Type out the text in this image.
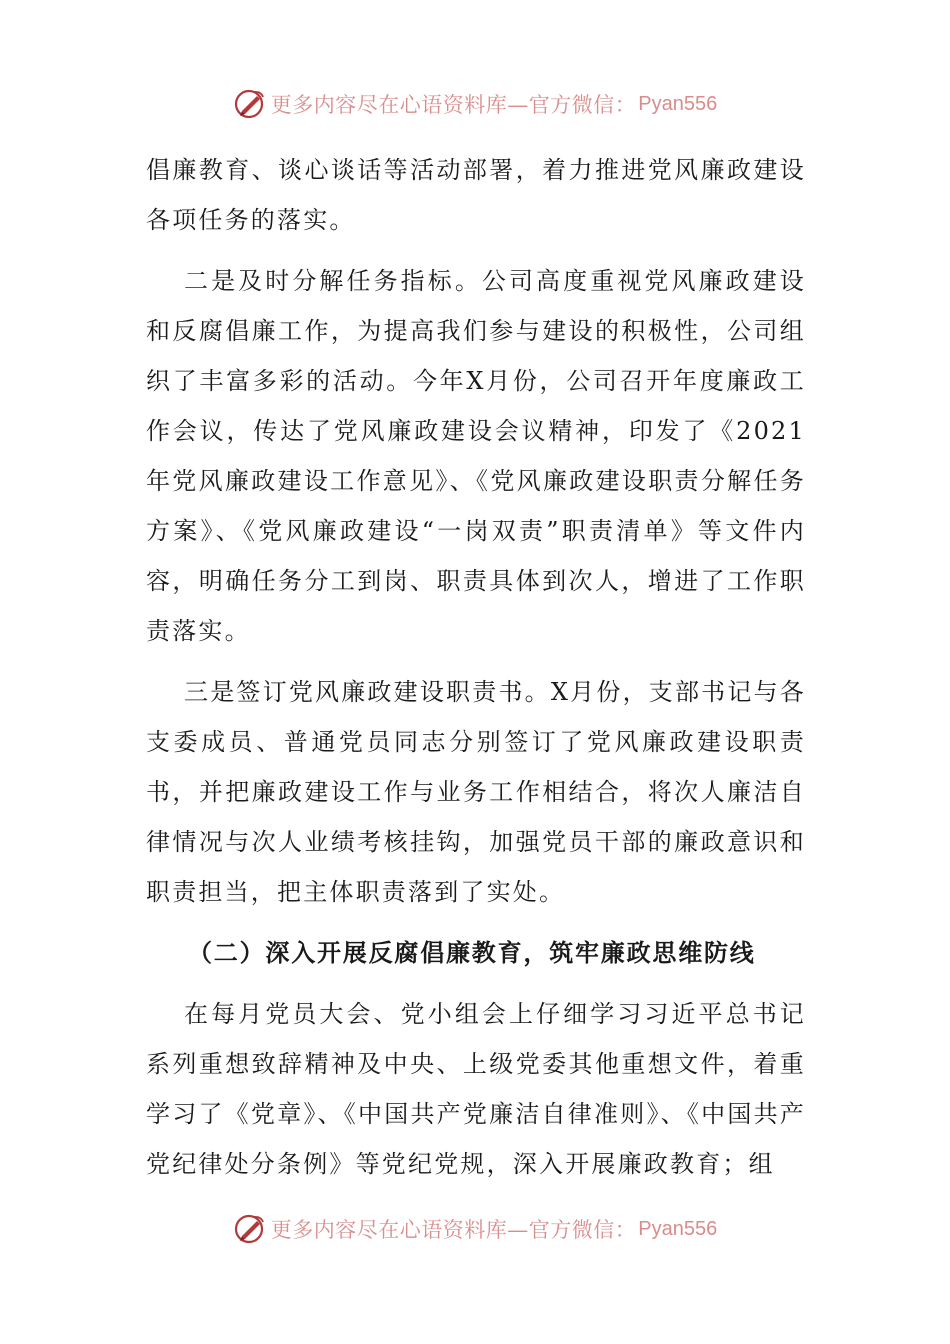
更多内容尽在心语资料库—官方微信： Pyan556

倡廉教育、谈心谈话等活动部署，着力推进党风廉政建设各项任务的落实。

二是及时分解任务指标。公司高度重视党风廉政建设和反腐倡廉工作，为提高我们参与建设的积极性，公司组织了丰富多彩的活动。今年X月份，公司召开年度廉政工作会议，传达了党风廉政建设会议精神，印发了《2021年党风廉政建设工作意见》、《党风廉政建设职责分解任务方案》、《党风廉政建设“一岗双责”职责清单》等文件内容，明确任务分工到岗、职责具体到次人，增进了工作职责落实。

三是签订党风廉政建设职责书。X月份，支部书记与各支委成员、普通党员同志分别签订了党风廉政建设职责书，并把廉政建设工作与业务工作相结合，将次人廉洁自律情况与次人业绩考核挂钩，加强党员干部的廉政意识和职责担当，把主体职责落到了实处。

（二）深入开展反腐倡廉教育，筑牢廉政思维防线

在每月党员大会、党小组会上仔细学习习近平总书记系列重想致辞精神及中央、上级党委其他重想文件，着重学习了《党章》、《中国共产党廉洁自律准则》、《中国共产党纪律处分条例》等党纪党规，深入开展廉政教育；组

更多内容尽在心语资料库—官方微信： Pyan556
